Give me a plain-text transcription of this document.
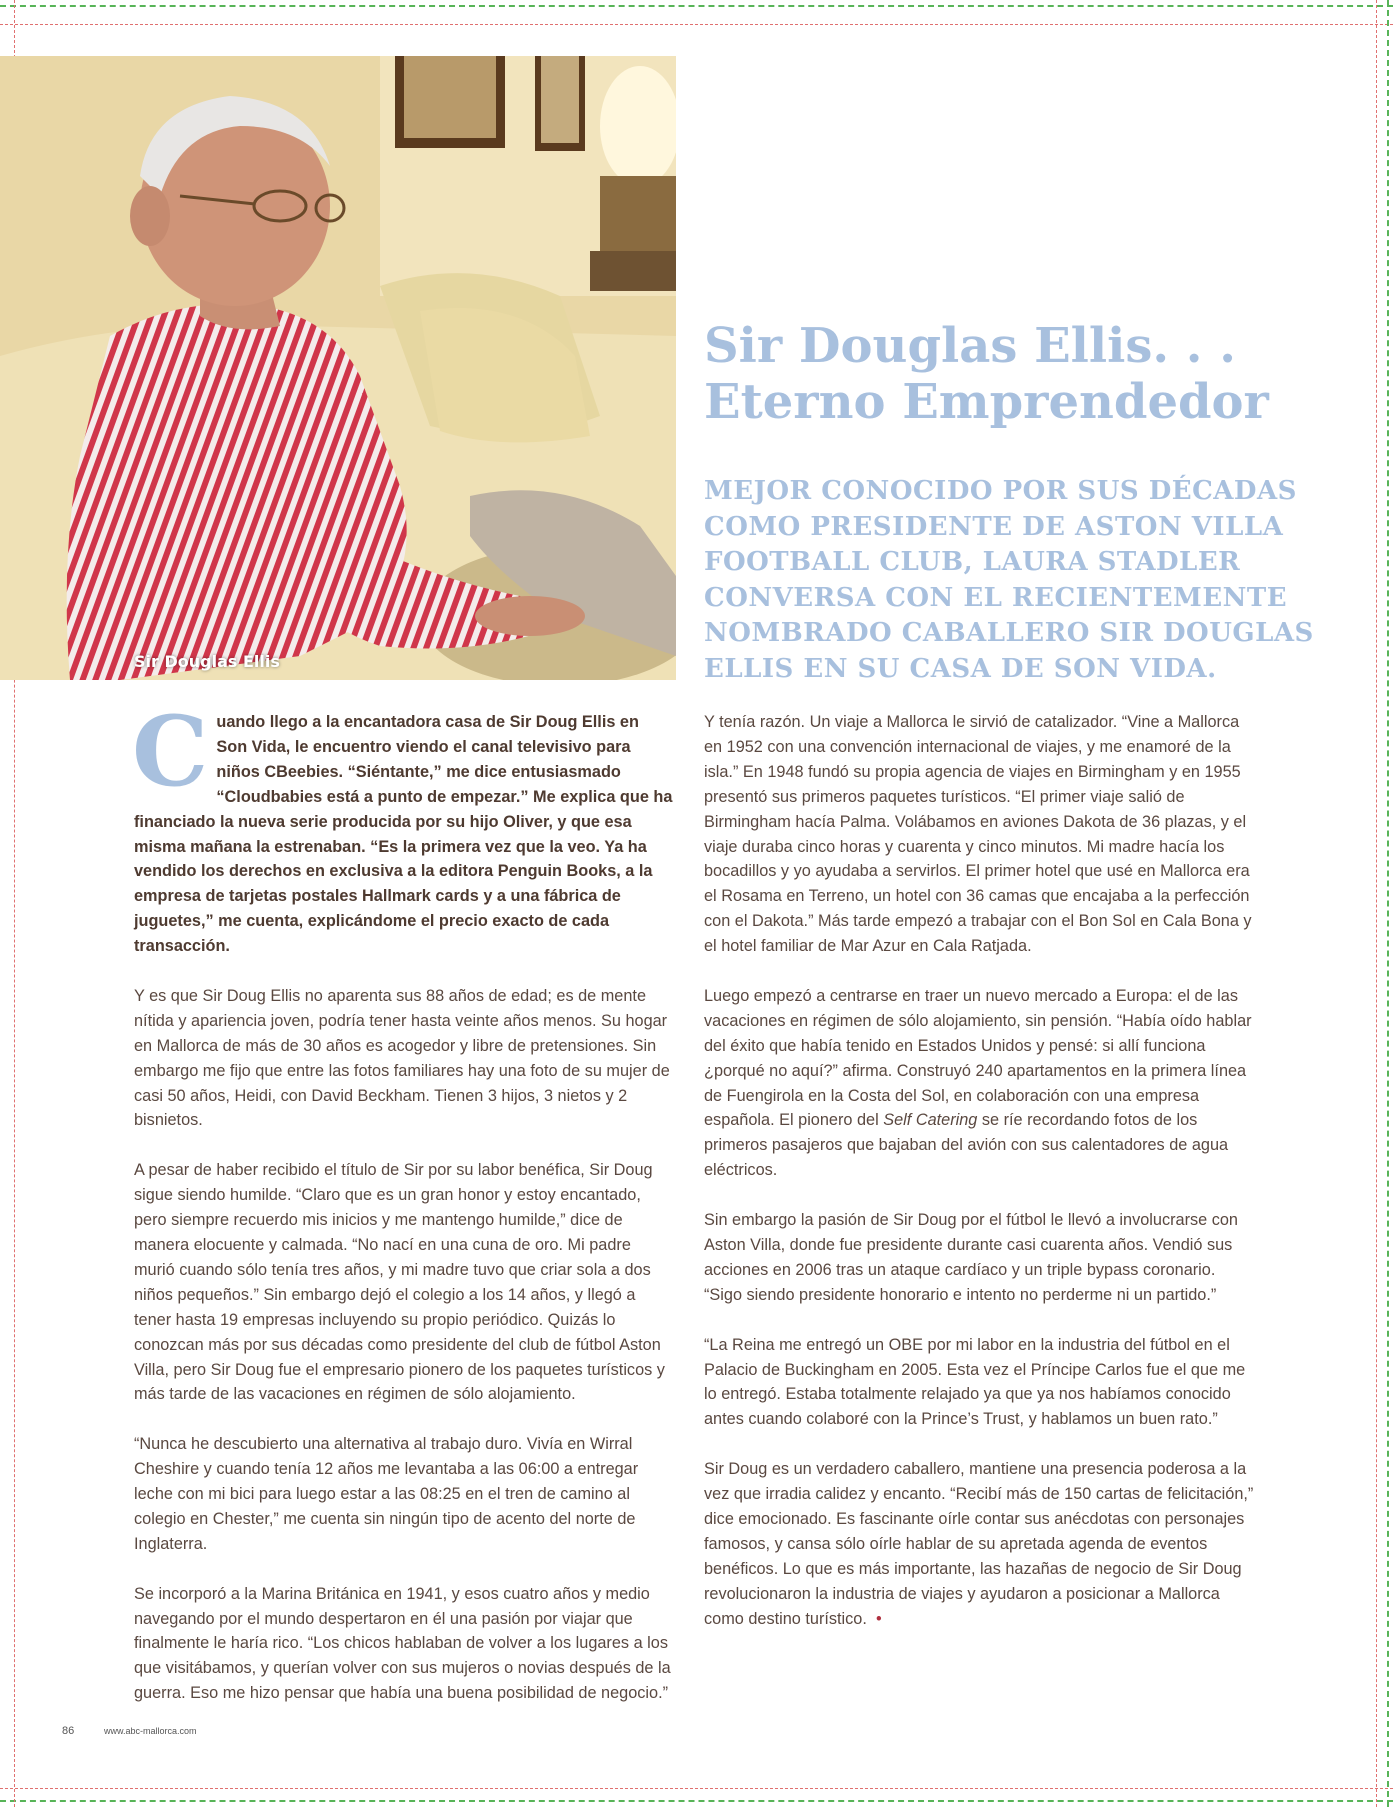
Sir Douglas Ellis
Sir Douglas Ellis. . .
Eterno Emprendedor
MEJOR CONOCIDO POR SUS DÉCADAS
COMO PRESIDENTE DE ASTON VILLA
FOOTBALL CLUB, LAURA STADLER
CONVERSA CON EL RECIENTEMENTE
NOMBRADO CABALLERO SIR DOUGLAS
ELLIS EN SU CASA DE SON VIDA.

Cuando llego a la encantadora casa de Sir Doug Ellis en Son Vida, le encuentro viendo el canal televisivo para niños CBeebies. “Siéntante,” me dice entusiasmado “Cloudbabies está a punto de empezar.” Me explica que ha financiado la nueva serie producida por su hijo Oliver, y que esa misma mañana la estrenaban. “Es la primera vez que la veo. Ya ha vendido los derechos en exclusiva a la editora Penguin Books, a la empresa de tarjetas postales Hallmark cards y a una fábrica de juguetes,” me cuenta, explicándome el precio exacto de cada transacción.

Y es que Sir Doug Ellis no aparenta sus 88 años de edad; es de mente nítida y apariencia joven, podría tener hasta veinte años menos. Su hogar en Mallorca de más de 30 años es acogedor y libre de pretensiones. Sin embargo me fijo que entre las fotos familiares hay una foto de su mujer de casi 50 años, Heidi, con David Beckham. Tienen 3 hijos, 3 nietos y 2 bisnietos.

A pesar de haber recibido el título de Sir por su labor benéfica, Sir Doug sigue siendo humilde. “Claro que es un gran honor y estoy encantado, pero siempre recuerdo mis inicios y me mantengo humilde,” dice de manera elocuente y calmada. “No nací en una cuna de oro. Mi padre murió cuando sólo tenía tres años, y mi madre tuvo que criar sola a dos niños pequeños.” Sin embargo dejó el colegio a los 14 años, y llegó a tener hasta 19 empresas incluyendo su propio periódico. Quizás lo conozcan más por sus décadas como presidente del club de fútbol Aston Villa, pero Sir Doug fue el empresario pionero de los paquetes turísticos y más tarde de las vacaciones en régimen de sólo alojamiento.

“Nunca he descubierto una alternativa al trabajo duro. Vivía en Wirral Cheshire y cuando tenía 12 años me levantaba a las 06:00 a entregar leche con mi bici para luego estar a las 08:25 en el tren de camino al colegio en Chester,” me cuenta sin ningún tipo de acento del norte de Inglaterra.

Se incorporó a la Marina Británica en 1941, y esos cuatro años y medio navegando por el mundo despertaron en él una pasión por viajar que finalmente le haría rico. “Los chicos hablaban de volver a los lugares a los que visitábamos, y querían volver con sus mujeros o novias después de la guerra. Eso me hizo pensar que había una buena posibilidad de negocio.”

Y tenía razón. Un viaje a Mallorca le sirvió de catalizador. “Vine a Mallorca en 1952 con una convención internacional de viajes, y me enamoré de la isla.” En 1948 fundó su propia agencia de viajes en Birmingham y en 1955 presentó sus primeros paquetes turísticos. “El primer viaje salió de Birmingham hacía Palma. Volábamos en aviones Dakota de 36 plazas, y el viaje duraba cinco horas y cuarenta y cinco minutos. Mi madre hacía los bocadillos y yo ayudaba a servirlos. El primer hotel que usé en Mallorca era el Rosama en Terreno, un hotel con 36 camas que encajaba a la perfección con el Dakota.” Más tarde empezó a trabajar con el Bon Sol en Cala Bona y el hotel familiar de Mar Azur en Cala Ratjada.

Luego empezó a centrarse en traer un nuevo mercado a Europa: el de las vacaciones en régimen de sólo alojamiento, sin pensión. “Había oído hablar del éxito que había tenido en Estados Unidos y pensé: si allí funciona ¿porqué no aquí?” afirma. Construyó 240 apartamentos en la primera línea de Fuengirola en la Costa del Sol, en colaboración con una empresa española. El pionero del Self Catering se ríe recordando fotos de los primeros pasajeros que bajaban del avión con sus calentadores de agua eléctricos.

Sin embargo la pasión de Sir Doug por el fútbol le llevó a involucrarse con Aston Villa, donde fue presidente durante casi cuarenta años. Vendió sus acciones en 2006 tras un ataque cardíaco y un triple bypass coronario. “Sigo siendo presidente honorario e intento no perderme ni un partido.”

“La Reina me entregó un OBE por mi labor en la industria del fútbol en el Palacio de Buckingham en 2005. Esta vez el Príncipe Carlos fue el que me lo entregó. Estaba totalmente relajado ya que ya nos habíamos conocido antes cuando colaboré con la Prince’s Trust, y hablamos un buen rato.”

Sir Doug es un verdadero caballero, mantiene una presencia poderosa a la vez que irradia calidez y encanto. “Recibí más de 150 cartas de felicitación,” dice emocionado. Es fascinante oírle contar sus anécdotas con personajes famosos, y cansa sólo oírle hablar de su apretada agenda de eventos benéficos. Lo que es más importante, las hazañas de negocio de Sir Doug revolucionaron la industria de viajes y ayudaron a posicionar a Mallorca como destino turístico. •

86	www.abc-mallorca.com
